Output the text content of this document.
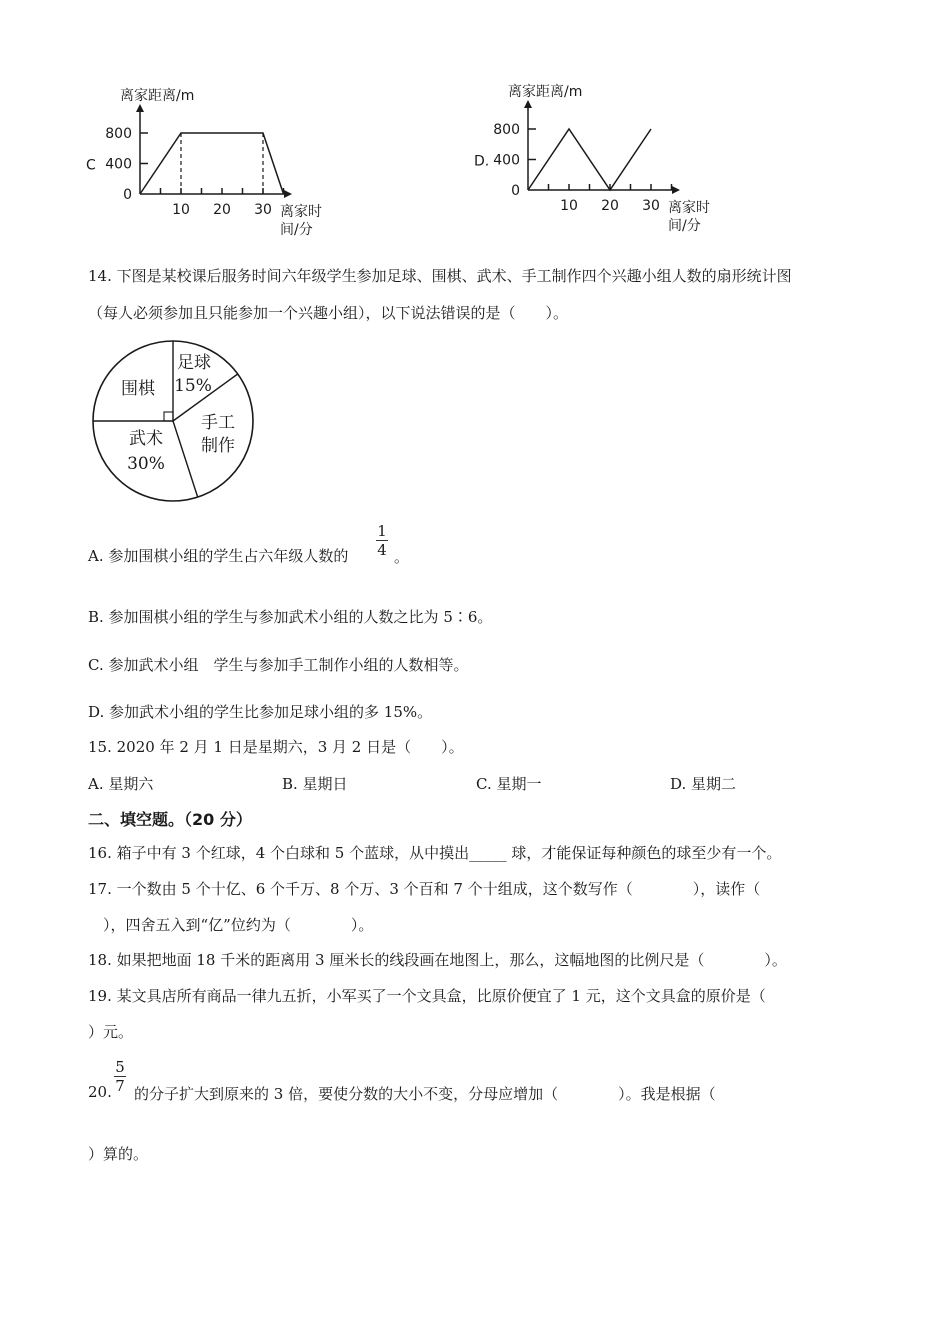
C
离家距离/m
800
400
0
10 20 30 离家时
间/分
D.
离家距离/m
800
400
0
10 20 30 离家时
间/分
14. 下图是某校课后服务时间六年级学生参加足球、围棋、武术、手工制作四个兴趣小组人数的扇形统计图
（每人必须参加且只能参加一个兴趣小组），以下说法错误的是（　　）。
围棋
足球
15%
手工
制作
武术
30%
A. 参加围棋小组的学生占六年级人数的
1
4 。
B. 参加围棋小组的学生与参加武术小组的人数之比为 5∶6。
C. 参加武术小组　学生与参加手工制作小组的人数相等。
D. 参加武术小组的学生比参加足球小组的多 15%。
15. 2020 年 2 月 1 日是星期六，3 月 2 日是（　　）。
A. 星期六	B. 星期日	C. 星期一	D. 星期二
二、填空题。（20 分）
16. 箱子中有 3 个红球，4 个白球和 5 个蓝球，从中摸出_____ 球，才能保证每种颜色的球至少有一个。
17. 一个数由 5 个十亿、6 个千万、8 个万、3 个百和 7 个十组成，这个数写作（　　　　），读作（
　），四舍五入到“亿”位约为（　　　　）。
18. 如果把地面 18 千米的距离用 3 厘米长的线段画在地图上，那么，这幅地图的比例尺是（　　　　）。
19. 某文具店所有商品一律九五折，小军买了一个文具盒，比原价便宜了 1 元，这个文具盒的原价是（
）元。
20.
5
7 的分子扩大到原来的 3 倍，要使分数的大小不变，分母应增加（　　　　）。我是根据（
）算的。
